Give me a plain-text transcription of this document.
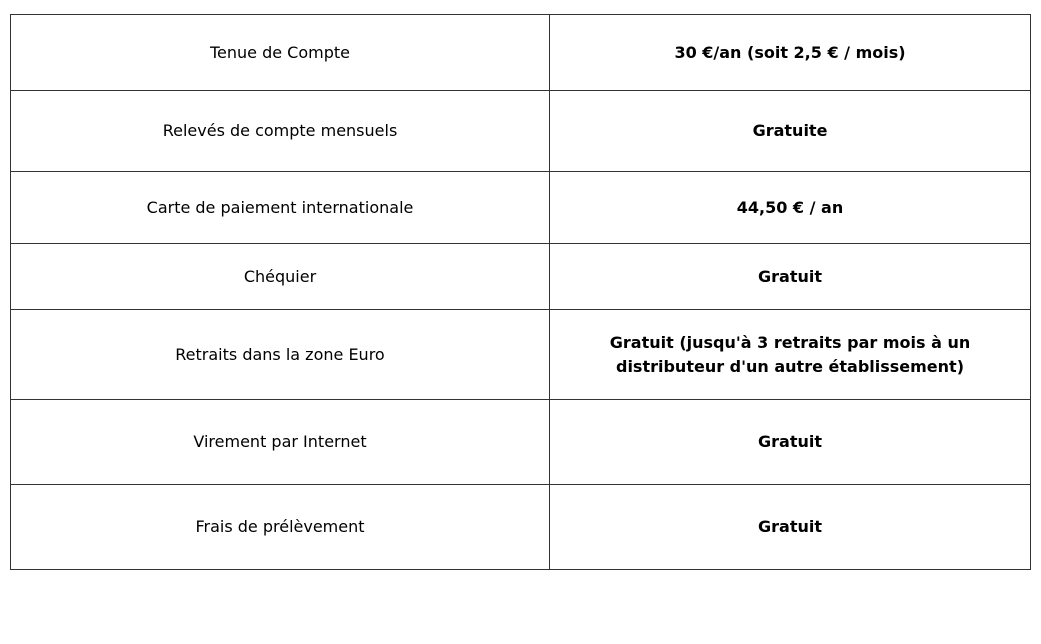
Tenue de Compte	30 €/an (soit 2,5 € / mois)
Relevés de compte mensuels	Gratuite
Carte de paiement internationale	44,50 € / an
Chéquier	Gratuit
Retraits dans la zone Euro	Gratuit (jusqu'à 3 retraits par mois à un distributeur d'un autre établissement)
Virement par Internet	Gratuit
Frais de prélèvement	Gratuit
